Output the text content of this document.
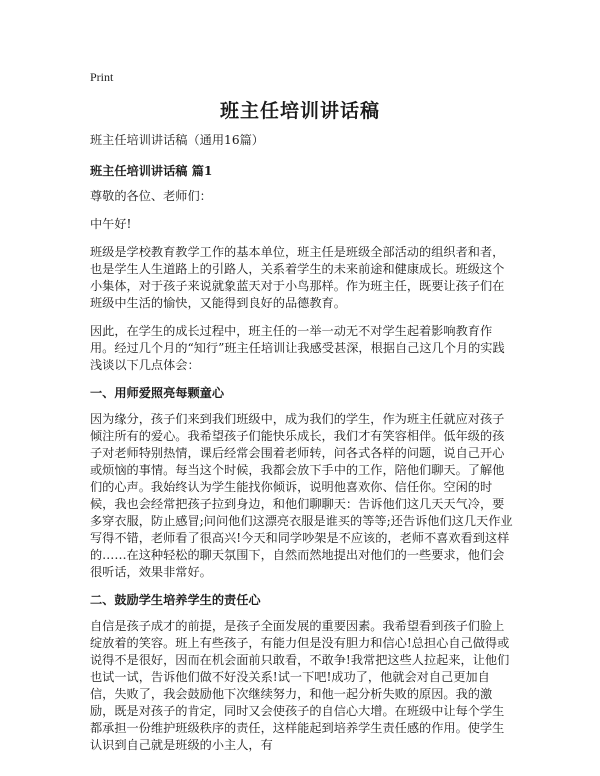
Print
班主任培训讲话稿

班主任培训讲话稿（通用16篇）

班主任培训讲话稿 篇1

尊敬的各位、老师们：

中午好!

班级是学校教育教学工作的基本单位，班主任是班级全部活动的组织者和者，也是学生人生道路上的引路人，关系着学生的未来前途和健康成长。班级这个小集体，对于孩子来说就象蓝天对于小鸟那样。作为班主任，既要让孩子们在班级中生活的愉快，又能得到良好的品德教育。

因此，在学生的成长过程中，班主任的一举一动无不对学生起着影响教育作用。经过几个月的“知行”班主任培训让我感受甚深，根据自己这几个月的实践浅谈以下几点体会：

一、用师爱照亮每颗童心

因为缘分，孩子们来到我们班级中，成为我们的学生，作为班主任就应对孩子倾注所有的爱心。我希望孩子们能快乐成长，我们才有笑容相伴。低年级的孩子对老师特别热情，课后经常会围着老师转，问各式各样的问题，说自己开心或烦恼的事情。每当这个时候，我都会放下手中的工作，陪他们聊天。了解他们的心声。我始终认为学生能找你倾诉，说明他喜欢你、信任你。空闲的时候，我也会经常把孩子拉到身边，和他们聊聊天：告诉他们这几天天气冷，要多穿衣服，防止感冒;问问他们这漂亮衣服是谁买的等等;还告诉他们这几天作业写得不错，老师看了很高兴!今天和同学吵架是不应该的，老师不喜欢看到这样的……在这种轻松的聊天氛围下，自然而然地提出对他们的一些要求，他们会很听话，效果非常好。

二、鼓励学生培养学生的责任心

自信是孩子成才的前提，是孩子全面发展的重要因素。我希望看到孩子们脸上绽放着的笑容。班上有些孩子，有能力但是没有胆力和信心!总担心自己做得或说得不是很好，因而在机会面前只敢看，不敢争!我常把这些人拉起来，让他们也试一试，告诉他们做不好没关系!试一下吧!成功了，他就会对自己更加自信，失败了，我会鼓励他下次继续努力，和他一起分析失败的原因。我的激励，既是对孩子的肯定，同时又会使孩子的自信心大增。在班级中让每个学生都承担一份维护班级秩序的责任，这样能起到培养学生责任感的作用。使学生认识到自己就是班级的小主人，有
